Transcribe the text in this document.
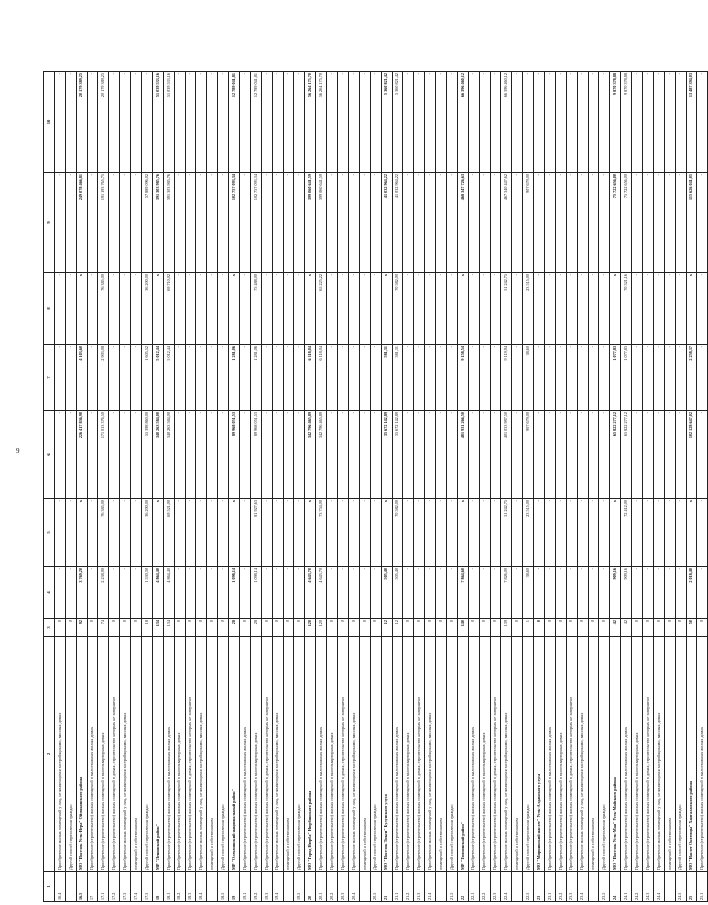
9
1	2	3	4	5	6	7	8	9	10
16.4	Приобретение жилых помещений у лиц, не являющихся застройщиками, вжилых домах	0	-	-	-	-	-	-	-
	Другой способ переселения граждан	0	-	-	-	-	-	-	-
16.5	МО "Поселок Усть-Нера" Оймяконского района	92	3 769,20	x	226 417 836,90	4 103,60	x	249 078 466,81	20 179 389,25
17	Приобретение (строительство) жилых помещений в малоэтажных жилых домах	0	-	-	-	-	-	-	-
17.1	Приобретение (строительство) жилых помещений в многоквартирных домах	74	2 238,90	76 385,00	171 013 376,50	2 903,08	76 385,00	191 193 765,75	20 179 389,25
17.2	Приобретение (строительство) жилых помещений в домах, строительство которых не завершено	0	-	-	-	-	-	-	-
17.3	Приобретение жилых помещений у лиц, не являющихся застройщиками, вжилых домах	0	-	-	-	-	-	-	-
17.4	помещений и собственником	0	-	-	-	-	-	-	-
17.5	Другой способ переселения граждан	18	1 530,30	36 200,00	55 398 860,00	1 605,52	36 200,00	57 889 096,02	-
18	МР "Ленинский район"	134	4 864,40	x	340 263 584,00	5 012,44	x	391 303 985,76	51 039 533,16
18.1	Приобретение (строительство) жилых помещений в малоэтажных жилых домах	134	4 864,40	69 521,00	340 263 584,00	5 012,44	69 710,02	391 303 985,76	51 039 533,16
18.2	Приобретение (строительство) жилых помещений в многоквартирных домах	0	-	-	-	-	-	-	-
18.3	Приобретение (строительство) жилых помещений в домах, строительство которых не завершено	0	-	-	-	-	-	-	-
18.4	Приобретение жилых помещений у лиц, не являющихся застройщиками, вжилых домах	0	-	-	-	-	-	-	-
	помещений и собственником	0	-	-	-	-	-	-	-
18.5	Другой способ переселения граждан	0	-	-	-	-	-	-	-
19	МР "Олекминский национальный район"	28	1 098,14	x	89 968 051,53	1 281,06	x	102 757 093,34	12 789 041,81
19.1	Приобретение (строительство) жилых помещений в малоэтажных жилых домах	0	-	-	-	-	-	-	-
19.2	Приобретение (строительство) жилых помещений в многоквартирных домах	28	1 098,14	81 927,63	89 968 051,53	1 281,06	75 488,00	102 757 093,34	12 789 041,81
19.3	Приобретение (строительство) жилых помещений в домах, строительство которых не завершено	0	-	-	-	-	-	-	-
19.4	Приобретение жилых помещений у лиц, не являющихся застройщиками, вжилых домах	0	-	-	-	-	-	-	-
	помещений и собственником	0	-	-	-	-	-	-	-
19.5	Другой способ переселения граждан	0	-	-	-	-	-	-	-
20	МО "Город Нюрба" Нюрбинского района	120	4 643,70	x	342 796 465,89	6 118,04	x	399 060 641,59	56 264 175,70
20.1	Приобретение (строительство) жилых помещений в малоэтажных жилых домах	120	4 643,70	73 754,00	342 796 465,89	6 118,04	65 225,22	399 060 641,59	56 264 175,70
20.2	Приобретение (строительство) жилых помещений в многоквартирных домах	0	-	-	-	-	-	-	-
20.3	Приобретение (строительство) жилых помещений в домах, строительство которых не завершено	0	-	-	-	-	-	-	-
20.4	Приобретение жилых помещений у лиц, не являющихся застройщиками, вжилых домах	0	-	-	-	-	-	-	-
	помещений и собственником	0	-	-	-	-	-	-	-
20.5	Другой способ переселения граждан	0	-	-	-	-	-	-	-
21	МО "Поселок Тикси" Булунского улуса	12	505,40	x	35 672 142,89	581,31	x	41 032 964,22	5 360 821,42
21.1	Приобретение (строительство) жилых помещений в малоэтажных жилых домах	12	505,40	70 582,00	35 672 142,89	581,31	70 582,00	41 032 964,22	5 360 821,42
21.2	Приобретение (строительство) жилых помещений в многоквартирных домах	0	-	-	-	-	-	-	-
21.3	Приобретение (строительство) жилых помещений в домах, строительство которых не завершено	0	-	-	-	-	-	-	-
21.4	Приобретение жилых помещений у лиц, не являющихся застройщиками, вжилых домах	0	-	-	-	-	-	-	-
	помещений и собственником	0	-	-	-	-	-	-	-
21.5	Другой способ переселения граждан	0	-	-	-	-	-	-	-
22	МР "Томпонский район"	140	7 864,60	x	401 931 266,50	9 158,54	x	468 347 726,63	66 396 460,12
22.1	Приобретение (строительство) жилых помещений в малоэтажных жилых домах	0	-	-	-	-	-	-	-
22.2	Приобретение (строительство) жилых помещений в многоквартирных домах	0	-	-	-	-	-	-	-
22.3	Приобретение (строительство) жилых помещений в домах, строительство которых не завершено	0	-	-	-	-	-	-	-
22.4	Приобретение жилых помещений у лиц, не являющихся застройщиками, вжилых домах	139	7 826,00	51 242,75	401 033 987,50	9 119,94	51 242,75	467 340 447,62	66 396 460,12
	помещений и собственником	0	-	-	-	-	-	-	-
22.5	Другой способ переселения граждан	1	38,60	23 515,00	907 679,00	38,60	23 515,00	907 679,00	-
23	МО "Мирнинский наслег" Усть-Алданского улуса	0	-	-	-	-	-	-	-
23.1	Приобретение (строительство) жилых помещений в малоэтажных жилых домах	0	-	-	-	-	-	-	-
23.2	Приобретение (строительство) жилых помещений в многоквартирных домах	0	-	-	-	-	-	-	-
23.3	Приобретение (строительство) жилых помещений в домах, строительство которых не завершено	0	-	-	-	-	-	-	-
23.4	Приобретение жилых помещений у лиц, не являющихся застройщиками, вжилых домах	0	-	-	-	-	-	-	-
	помещений и собственником	0	-	-	-	-	-	-	-
23.5	Другой способ переселения граждан	0	-	-	-	-	-	-	-
24	МО "Поселок Усть-Мая" Усть-Майского района	42	909,16	x	65 822 277,12	1 077,83	x	75 722 656,00	9 870 378,88
24.1	Приобретение (строительство) жилых помещений в малоэтажных жилых домах	42	909,16	72 412,00	65 822 277,12	1 077,83	70 521,16	75 722 656,00	9 870 378,88
24.2	Приобретение (строительство) жилых помещений в многоквартирных домах	0	-	-	-	-	-	-	-
24.3	Приобретение (строительство) жилых помещений в домах, строительство которых не завершено	0	-	-	-	-	-	-	-
24.4	Приобретение жилых помещений у лиц, не являющихся застройщиками, вжилых домах	0	-	-	-	-	-	-	-
	помещений и собственником	0	-	-	-	-	-	-	-
24.5	Другой способ переселения граждан	0	-	-	-	-	-	-	-
25	МО "Наслег Октемцы" Хангаласского района	50	2 018,40	x	102 128 647,02	2 258,37	x	115 626 041,05	13 487 394,03
25.1	Приобретение (строительство) жилых помещений в малоэтажных жилых домах	0	-	-	-	-	-	-	-
